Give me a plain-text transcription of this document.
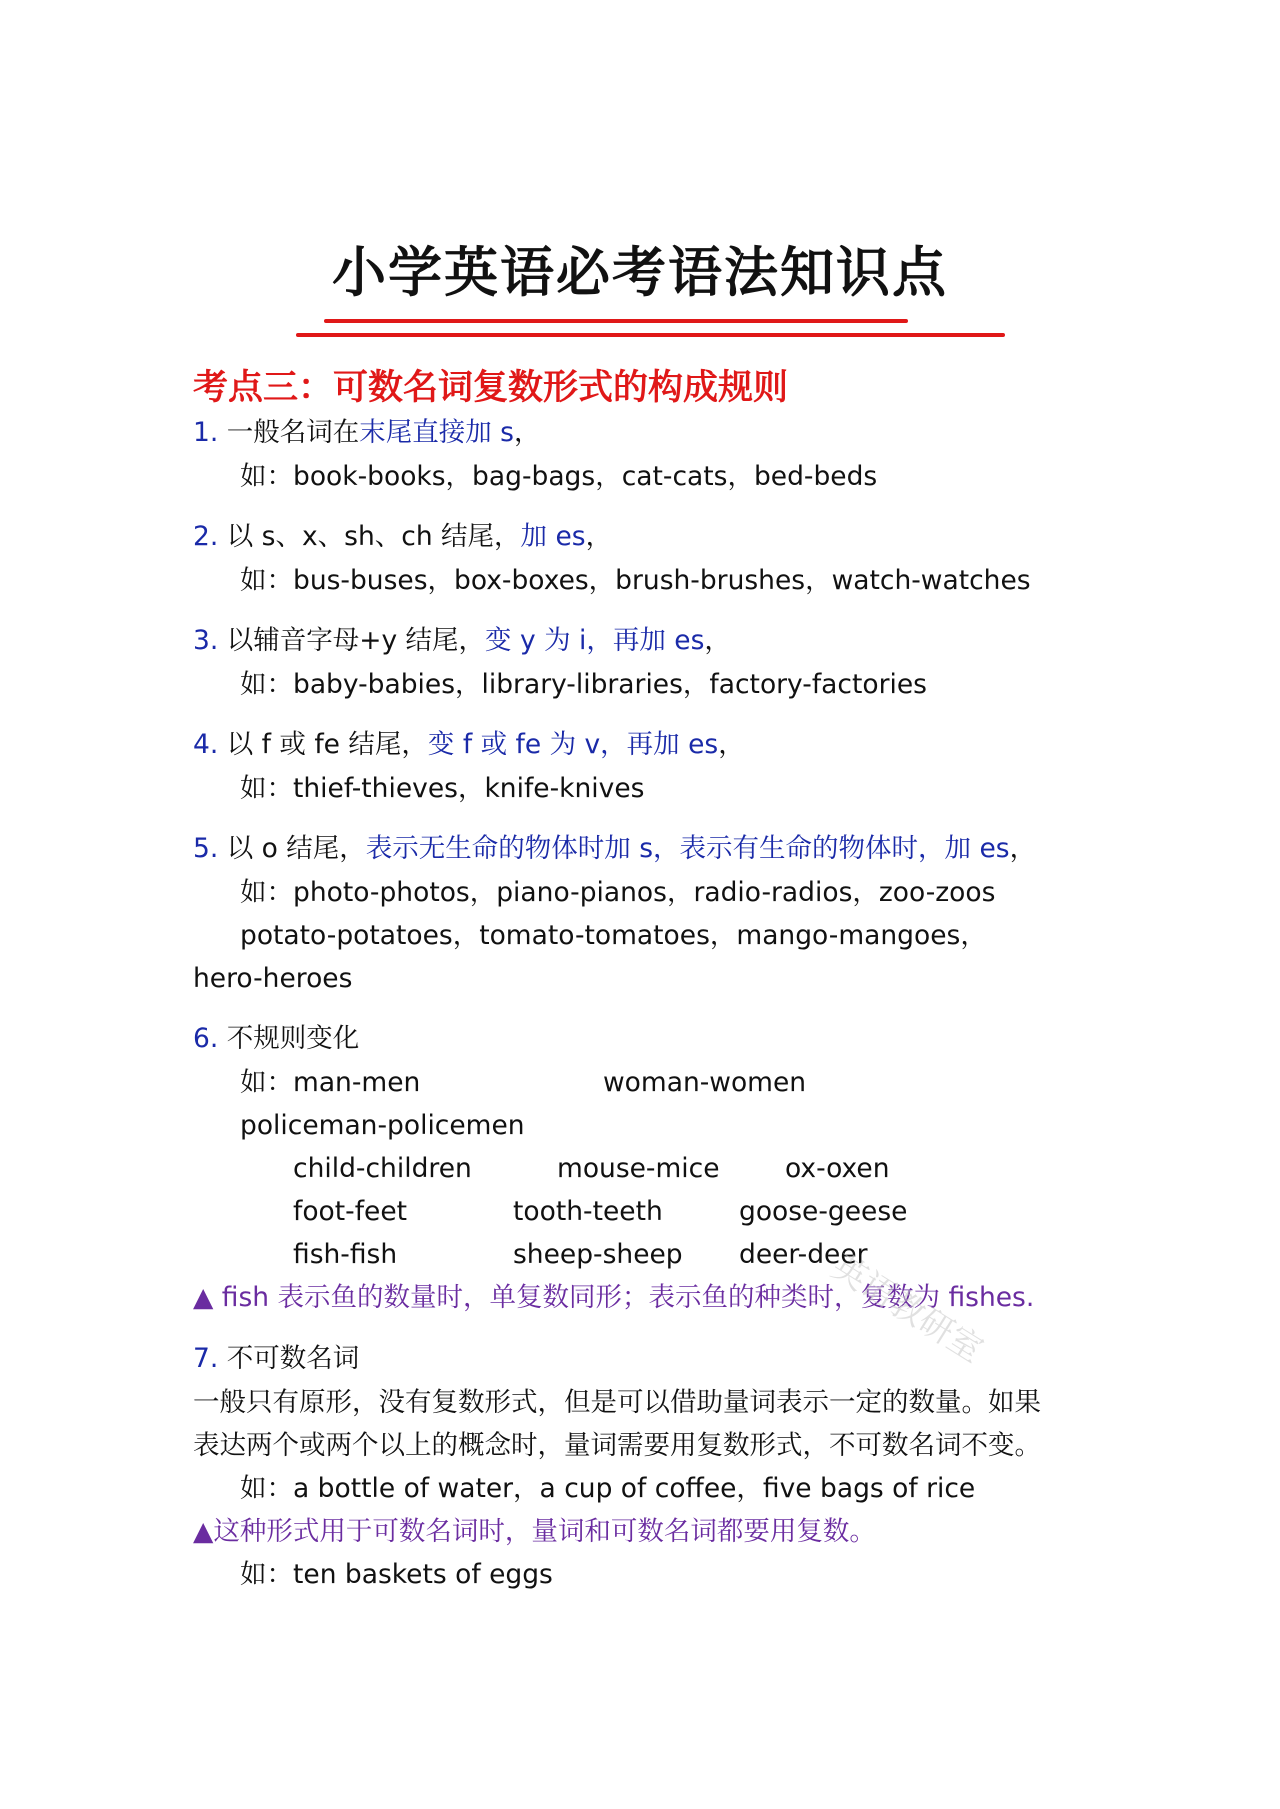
小学英语必考语法知识点
考点三：可数名词复数形式的构成规则
1. 一般名词在末尾直接加 s，
如：book-books，bag-bags，cat-cats，bed-beds
2. 以 s、x、sh、ch 结尾，加 es，
如：bus-buses，box-boxes，brush-brushes，watch-watches
3. 以辅音字母+y 结尾，变 y 为 i，再加 es，
如：baby-babies，library-libraries，factory-factories
4. 以 f 或 fe 结尾，变 f 或 fe 为 v，再加 es，
如：thief-thieves，knife-knives
5. 以 o 结尾，表示无生命的物体时加 s，表示有生命的物体时，加 es，
如：photo-photos，piano-pianos，radio-radios，zoo-zoos
potato-potatoes，tomato-tomatoes，mango-mangoes，
hero-heroes
6. 不规则变化
如：man-men	woman-women
policeman-policemen
child-children	mouse-mice ox-oxen
foot-feet	tooth-teeth	goose-geese
fish-fish	sheep-sheep deer-deer
▲ fish 表示鱼的数量时，单复数同形；表示鱼的种类时，复数为 fishes.
7. 不可数名词
一般只有原形，没有复数形式，但是可以借助量词表示一定的数量。如果
表达两个或两个以上的概念时，量词需要用复数形式，不可数名词不变。
如：a bottle of water，a cup of coffee，five bags of rice
▲这种形式用于可数名词时，量词和可数名词都要用复数。
如：ten baskets of eggs
英语教研室
